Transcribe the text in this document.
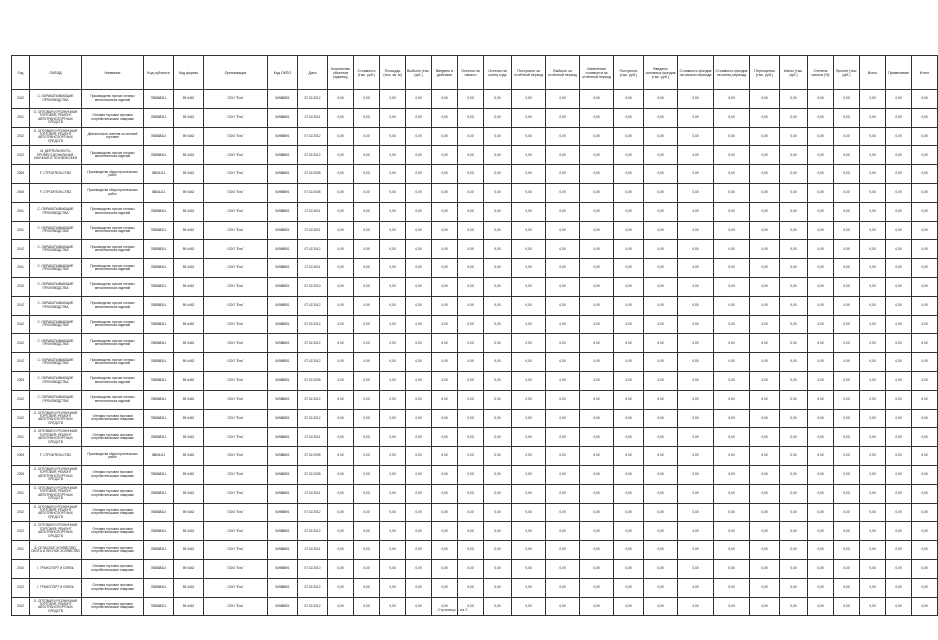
Год	ОКВЭД	Название	Код субъекта	Код формы	Организация	Код ОКПО	Дата	Количество объектов (единиц)	Стоимость (тыс. руб.)	Площадь (тыс. кв. м)	Выбыло (тыс. руб.)	Введено в действие	Остаток на начало	Остаток на конец года	Поступило за отчётный период	Выбыло за отчётный период	Изменение стоимости за отчётный период	Поступило (тыс. руб.)	Введено основных фондов (тыс. руб.)	Стоимость фондов на начало периода	Стоимость фондов на конец периода	Переоценка (тыс. руб.)	Износ (тыс. руб.)	Степень износа (%)	Прочее (тыс. руб.)	Всего	Примечание	Итого
2012	С. ОБРАБАТЫВАЮЩИЕ ПРОИЗВОДСТВА	Производство прочих готовых металлических изделий	788888111	59 4442	ООО "Ель"	54988891	07.02.2012	0,00	0,00	0,00	0,00	0,00	0,00	0,00	0,00	0,00	0,00	0,00	0,00	0,00	0,00	0,00	0,00	0,00	0,00	0,00	0,00	0,00
2011	G. ОПТОВАЯ И РОЗНИЧНАЯ ТОРГОВЛЯ; РЕМОНТ АВТОТРАНСПОРТНЫХ СРЕДСТВ	Оптовая торговля прочими потребительскими товарами	788888111	59 4442	ООО "Ель"	54988891	07.02.2011	0,00	0,00	0,00	0,00	0,00	0,00	0,00	0,00	0,00	0,00	0,00	0,00	0,00	0,00	0,00	0,00	0,00	0,00	0,00	0,00	0,00
2012	G. ОПТОВАЯ И РОЗНИЧНАЯ ТОРГОВЛЯ; РЕМОНТ АВТОТРАНСПОРТНЫХ СРЕДСТВ	Деятельность агентов по оптовой торговле	788888111	59 4442	ООО "Ель"	54988891	07.02.2012	0,00	0,00	0,00	0,00	0,00	0,00	0,00	0,00	0,00	0,00	0,00	0,00	0,00	0,00	0,00	0,00	0,00	0,00	0,00	0,00	0,00
2012	M. ДЕЯТЕЛЬНОСТЬ ПРОФЕССИОНАЛЬНАЯ, НАУЧНАЯ И ТЕХНИЧЕСКАЯ	Производство прочих готовых металлических изделий	788888111	59 4442	ООО "Ель"	54988891	07.02.2012	0,00	0,00	0,00	0,00	0,00	0,00	0,00	0,00	0,00	0,00	0,00	0,00	0,00	0,00	0,00	0,00	0,00	0,00	0,00	0,00	0,00
2005	F. СТРОИТЕЛЬСТВО	Производство общестроительных работ	38841111	59 4442	ООО "Ель"	54988891	07.02.2005	0,00	0,00	0,00	0,00	0,00	0,00	0,00	0,00	0,00	0,00	0,00	0,00	0,00	0,00	0,00	0,00	0,00	0,00	0,00	0,00	0,00
2005	F. СТРОИТЕЛЬСТВО	Производство общестроительных работ	38841111	59 4442	ООО "Ель"	54988891	07.02.2005	0,00	0,00	0,00	0,00	0,00	0,00	0,00	0,00	0,00	0,00	0,00	0,00	0,00	0,00	0,00	0,00	0,00	0,00	0,00	0,00	0,00
2011	С. ОБРАБАТЫВАЮЩИЕ ПРОИЗВОДСТВА	Производство прочих готовых металлических изделий	788888111	59 4442	ООО "Ель"	54988891	07.02.2011	0,00	0,00	0,00	0,00	0,00	0,00	0,00	0,00	0,00	0,00	0,00	0,00	0,00	0,00	0,00	0,00	0,00	0,00	0,00	0,00	0,00
2011	С. ОБРАБАТЫВАЮЩИЕ ПРОИЗВОДСТВА	Производство прочих готовых металлических изделий	788888111	59 4442	ООО "Ель"	54988891	07.02.2011	0,00	0,00	0,00	0,00	0,00	0,00	0,00	0,00	0,00	0,00	0,00	0,00	0,00	0,00	0,00	0,00	0,00	0,00	0,00	0,00	0,00
2012	С. ОБРАБАТЫВАЮЩИЕ ПРОИЗВОДСТВА	Производство прочих готовых металлических изделий	788888111	59 4442	ООО "Ель"	54988891	07.02.2012	0,00	0,00	0,00	0,00	0,00	0,00	0,00	0,00	0,00	0,00	0,00	0,00	0,00	0,00	0,00	0,00	0,00	0,00	0,00	0,00	0,00
2011	С. ОБРАБАТЫВАЮЩИЕ ПРОИЗВОДСТВА	Производство прочих готовых металлических изделий	788888111	59 4442	ООО "Ель"	54988891	07.02.2011	0,00	0,00	0,00	0,00	0,00	0,00	0,00	0,00	0,00	0,00	0,00	0,00	0,00	0,00	0,00	0,00	0,00	0,00	0,00	0,00	0,00
2010	С. ОБРАБАТЫВАЮЩИЕ ПРОИЗВОДСТВА	Производство прочих готовых металлических изделий	788888111	59 4442	ООО "Ель"	54988891	07.02.2010	0,00	0,00	0,00	0,00	0,00	0,00	0,00	0,00	0,00	0,00	0,00	0,00	0,00	0,00	0,00	0,00	0,00	0,00	0,00	0,00	0,00
2012	С. ОБРАБАТЫВАЮЩИЕ ПРОИЗВОДСТВА	Производство прочих готовых металлических изделий	788888111	59 4442	ООО "Ель"	54988891	07.02.2012	0,00	0,00	0,00	0,00	0,00	0,00	0,00	0,00	0,00	0,00	0,00	0,00	0,00	0,00	0,00	0,00	0,00	0,00	0,00	0,00	0,00
2012	С. ОБРАБАТЫВАЮЩИЕ ПРОИЗВОДСТВА	Производство прочих готовых металлических изделий	788888111	59 4442	ООО "Ель"	54988891	07.02.2012	0,00	0,00	0,00	0,00	0,00	0,00	0,00	0,00	0,00	0,00	0,00	0,00	0,00	0,00	0,00	0,00	0,00	0,00	0,00	0,00	0,00
2012	С. ОБРАБАТЫВАЮЩИЕ ПРОИЗВОДСТВА	Производство прочих готовых металлических изделий	788888111	59 4442	ООО "Ель"	54988891	07.02.2012	0,00	0,00	0,00	0,00	0,00	0,00	0,00	0,00	0,00	0,00	0,00	0,00	0,00	0,00	0,00	0,00	0,00	0,00	0,00	0,00	0,00
2012	С. ОБРАБАТЫВАЮЩИЕ ПРОИЗВОДСТВА	Производство прочих готовых металлических изделий	788888111	59 4442	ООО "Ель"	54988891	07.02.2012	0,00	0,00	0,00	0,00	0,00	0,00	0,00	0,00	0,00	0,00	0,00	0,00	0,00	0,00	0,00	0,00	0,00	0,00	0,00	0,00	0,00
2005	С. ОБРАБАТЫВАЮЩИЕ ПРОИЗВОДСТВА	Производство прочих готовых металлических изделий	788888111	59 4442	ООО "Ель"	54988891	07.02.2005	0,00	0,00	0,00	0,00	0,00	0,00	0,00	0,00	0,00	0,00	0,00	0,00	0,00	0,00	0,00	0,00	0,00	0,00	0,00	0,00	0,00
2012	С. ОБРАБАТЫВАЮЩИЕ ПРОИЗВОДСТВА	Производство прочих готовых металлических изделий	788888111	59 4442	ООО "Ель"	54988891	07.02.2012	0,00	0,00	0,00	0,00	0,00	0,00	0,00	0,00	0,00	0,00	0,00	0,00	0,00	0,00	0,00	0,00	0,00	0,00	0,00	0,00	0,00
2012	G. ОПТОВАЯ И РОЗНИЧНАЯ ТОРГОВЛЯ; РЕМОНТ АВТОТРАНСПОРТНЫХ СРЕДСТВ	Оптовая торговля прочими потребительскими товарами	788888111	59 4442	ООО "Ель"	54988891	07.02.2012	0,00	0,00	0,00	0,00	0,00	0,00	0,00	0,00	0,00	0,00	0,00	0,00	0,00	0,00	0,00	0,00	0,00	0,00	0,00	0,00	0,00
2011	G. ОПТОВАЯ И РОЗНИЧНАЯ ТОРГОВЛЯ; РЕМОНТ АВТОТРАНСПОРТНЫХ СРЕДСТВ	Оптовая торговля прочими потребительскими товарами	788888111	59 4442	ООО "Ель"	54988891	07.02.2011	0,00	0,00	0,00	0,00	0,00	0,00	0,00	0,00	0,00	0,00	0,00	0,00	0,00	0,00	0,00	0,00	0,00	0,00	0,00	0,00	0,00
2005	F. СТРОИТЕЛЬСТВО	Производство общестроительных работ	38841111	59 4442	ООО "Ель"	54988891	07.02.2005	0,00	0,00	0,00	0,00	0,00	0,00	0,00	0,00	0,00	0,00	0,00	0,00	0,00	0,00	0,00	0,00	0,00	0,00	0,00	0,00	0,00
2005	G. ОПТОВАЯ И РОЗНИЧНАЯ ТОРГОВЛЯ; РЕМОНТ АВТОТРАНСПОРТНЫХ СРЕДСТВ	Оптовая торговля прочими потребительскими товарами	788888111	59 4442	ООО "Ель"	54988891	07.02.2005	0,00	0,00	0,00	0,00	0,00	0,00	0,00	0,00	0,00	0,00	0,00	0,00	0,00	0,00	0,00	0,00	0,00	0,00	0,00	0,00	0,00
2011	G. ОПТОВАЯ И РОЗНИЧНАЯ ТОРГОВЛЯ; РЕМОНТ АВТОТРАНСПОРТНЫХ СРЕДСТВ	Оптовая торговля прочими потребительскими товарами	788888111	59 4442	ООО "Ель"	54988891	07.02.2011	0,00	0,00	0,00	0,00	0,00	0,00	0,00	0,00	0,00	0,00	0,00	0,00	0,00	0,00	0,00	0,00	0,00	0,00	0,00	0,00	0,00
2012	G. ОПТОВАЯ И РОЗНИЧНАЯ ТОРГОВЛЯ; РЕМОНТ АВТОТРАНСПОРТНЫХ СРЕДСТВ	Оптовая торговля прочими потребительскими товарами	788888111	59 4442	ООО "Ель"	54988891	07.02.2012	0,00	0,00	0,00	0,00	0,00	0,00	0,00	0,00	0,00	0,00	0,00	0,00	0,00	0,00	0,00	0,00	0,00	0,00	0,00	0,00	0,00
2012	G. ОПТОВАЯ И РОЗНИЧНАЯ ТОРГОВЛЯ; РЕМОНТ АВТОТРАНСПОРТНЫХ СРЕДСТВ	Оптовая торговля прочими потребительскими товарами	788888111	59 4442	ООО "Ель"	54988891	07.02.2012	0,00	0,00	0,00	0,00	0,00	0,00	0,00	0,00	0,00	0,00	0,00	0,00	0,00	0,00	0,00	0,00	0,00	0,00	0,00	0,00	0,00
2011	A. СЕЛЬСКОЕ ХОЗЯЙСТВО, ОХОТА И ЛЕСНОЕ ХОЗЯЙСТВО	Оптовая торговля прочими потребительскими товарами	788888111	59 4442	ООО "Ель"	54988891	07.02.2011	0,00	0,00	0,00	0,00	0,00	0,00	0,00	0,00	0,00	0,00	0,00	0,00	0,00	0,00	0,00	0,00	0,00	0,00	0,00	0,00	0,00
2010	I. ТРАНСПОРТ И СВЯЗЬ	Оптовая торговля прочими потребительскими товарами	788888111	59 4442	ООО "Ель"	54988891	07.02.2010	0,00	0,00	0,00	0,00	0,00	0,00	0,00	0,00	0,00	0,00	0,00	0,00	0,00	0,00	0,00	0,00	0,00	0,00	0,00	0,00	0,00
2012	I. ТРАНСПОРТ И СВЯЗЬ	Оптовая торговля прочими потребительскими товарами	788888111	59 4442	ООО "Ель"	54988891	07.02.2012	0,00	0,00	0,00	0,00	0,00	0,00	0,00	0,00	0,00	0,00	0,00	0,00	0,00	0,00	0,00	0,00	0,00	0,00	0,00	0,00	0,00
2012	G. ОПТОВАЯ И РОЗНИЧНАЯ ТОРГОВЛЯ; РЕМОНТ АВТОТРАНСПОРТНЫХ СРЕДСТВ	Оптовая торговля прочими потребительскими товарами	788888111	59 4442	ООО "Ель"	54988891	07.02.2012	0,00	0,00	0,00	0,00	0,00	0,00	0,00	0,00	0,00	0,00	0,00	0,00	0,00	0,00	0,00	0,00	0,00	0,00	0,00	0,00	0,00
Страница 1 из 2
